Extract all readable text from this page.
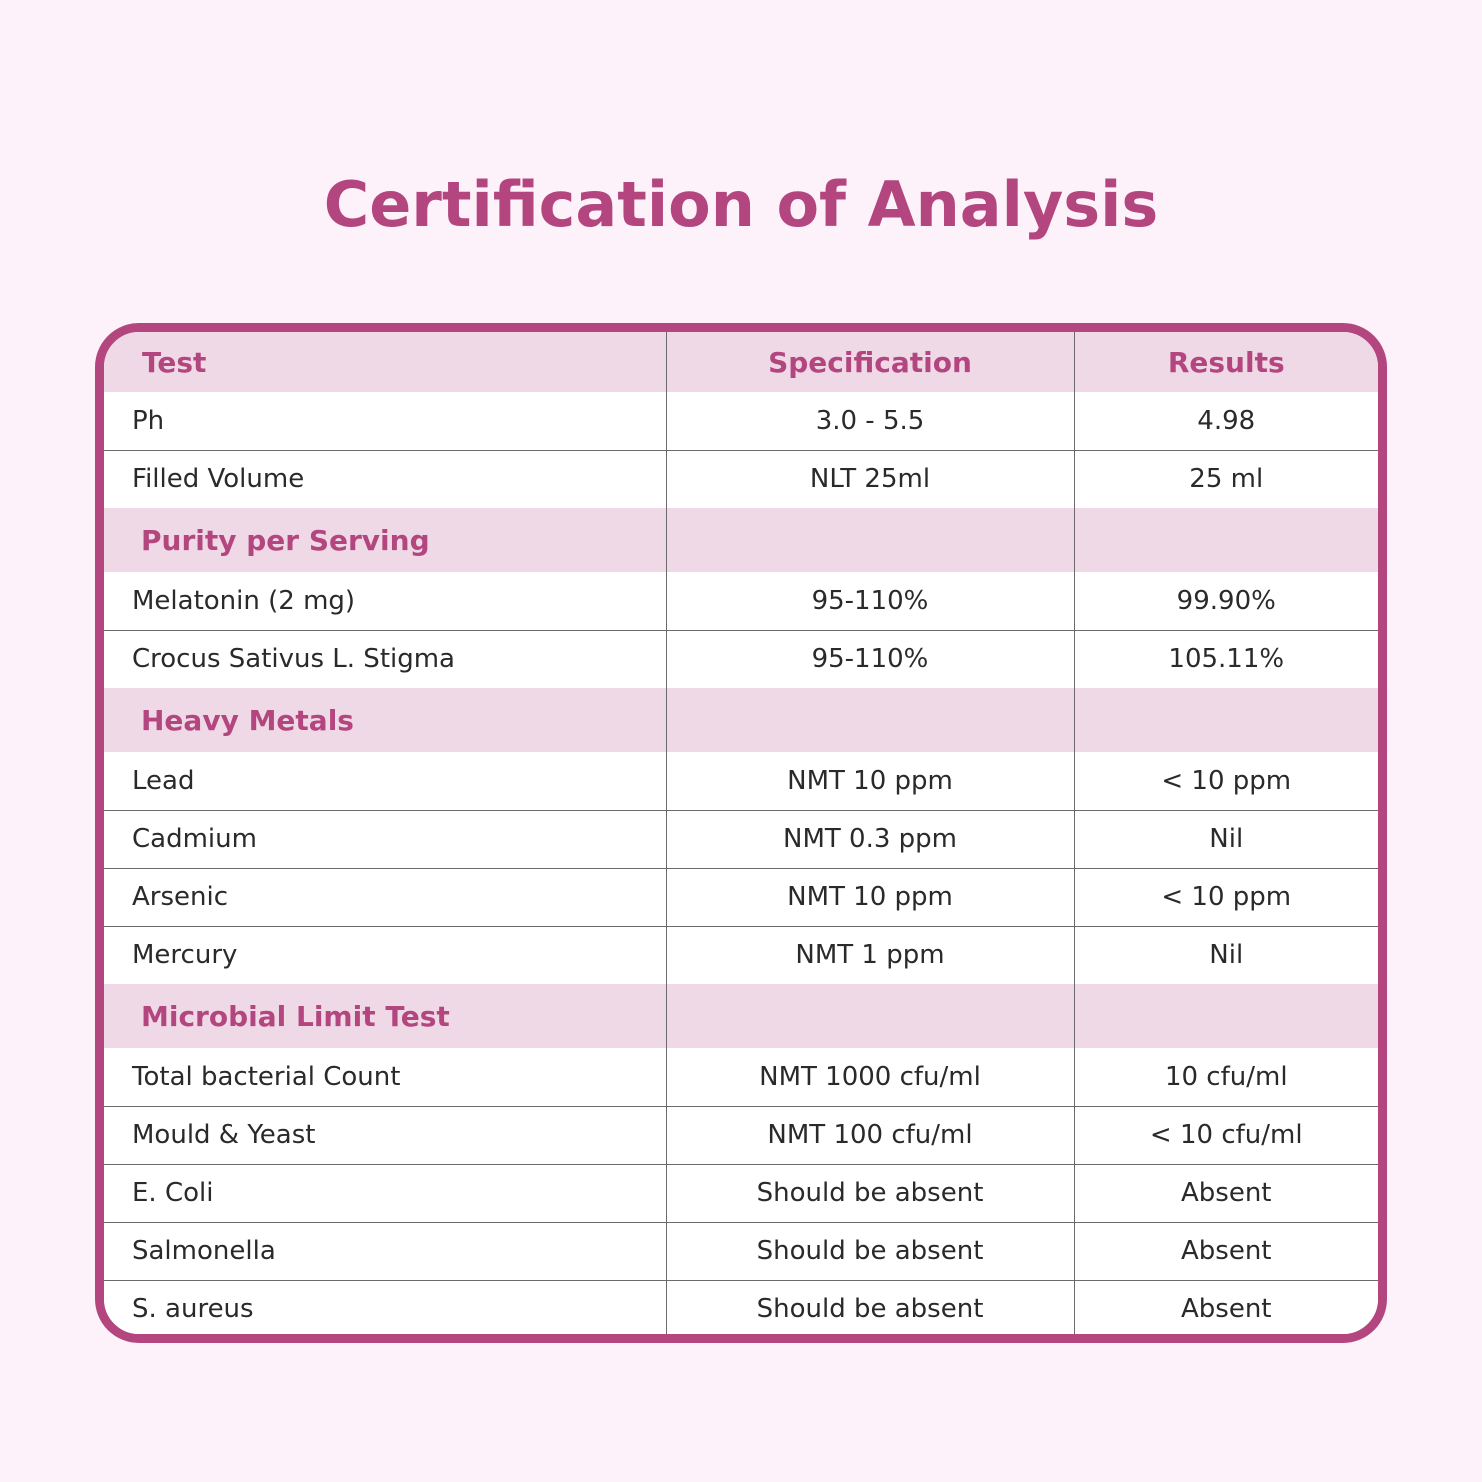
Certification of Analysis
Test	Specification	Results
Ph	3.0 - 5.5	4.98
Filled Volume	NLT 25ml	25 ml
Purity per Serving		
Melatonin (2 mg)	95-110%	99.90%
Crocus Sativus L. Stigma	95-110%	105.11%
Heavy Metals		
Lead	NMT 10 ppm	< 10 ppm
Cadmium	NMT 0.3 ppm	Nil
Arsenic	NMT 10 ppm	< 10 ppm
Mercury	NMT 1 ppm	Nil
Microbial Limit Test		
Total bacterial Count	NMT 1000 cfu/ml	10 cfu/ml
Mould & Yeast	NMT 100 cfu/ml	< 10 cfu/ml
E. Coli	Should be absent	Absent
Salmonella	Should be absent	Absent
S. aureus	Should be absent	Absent
